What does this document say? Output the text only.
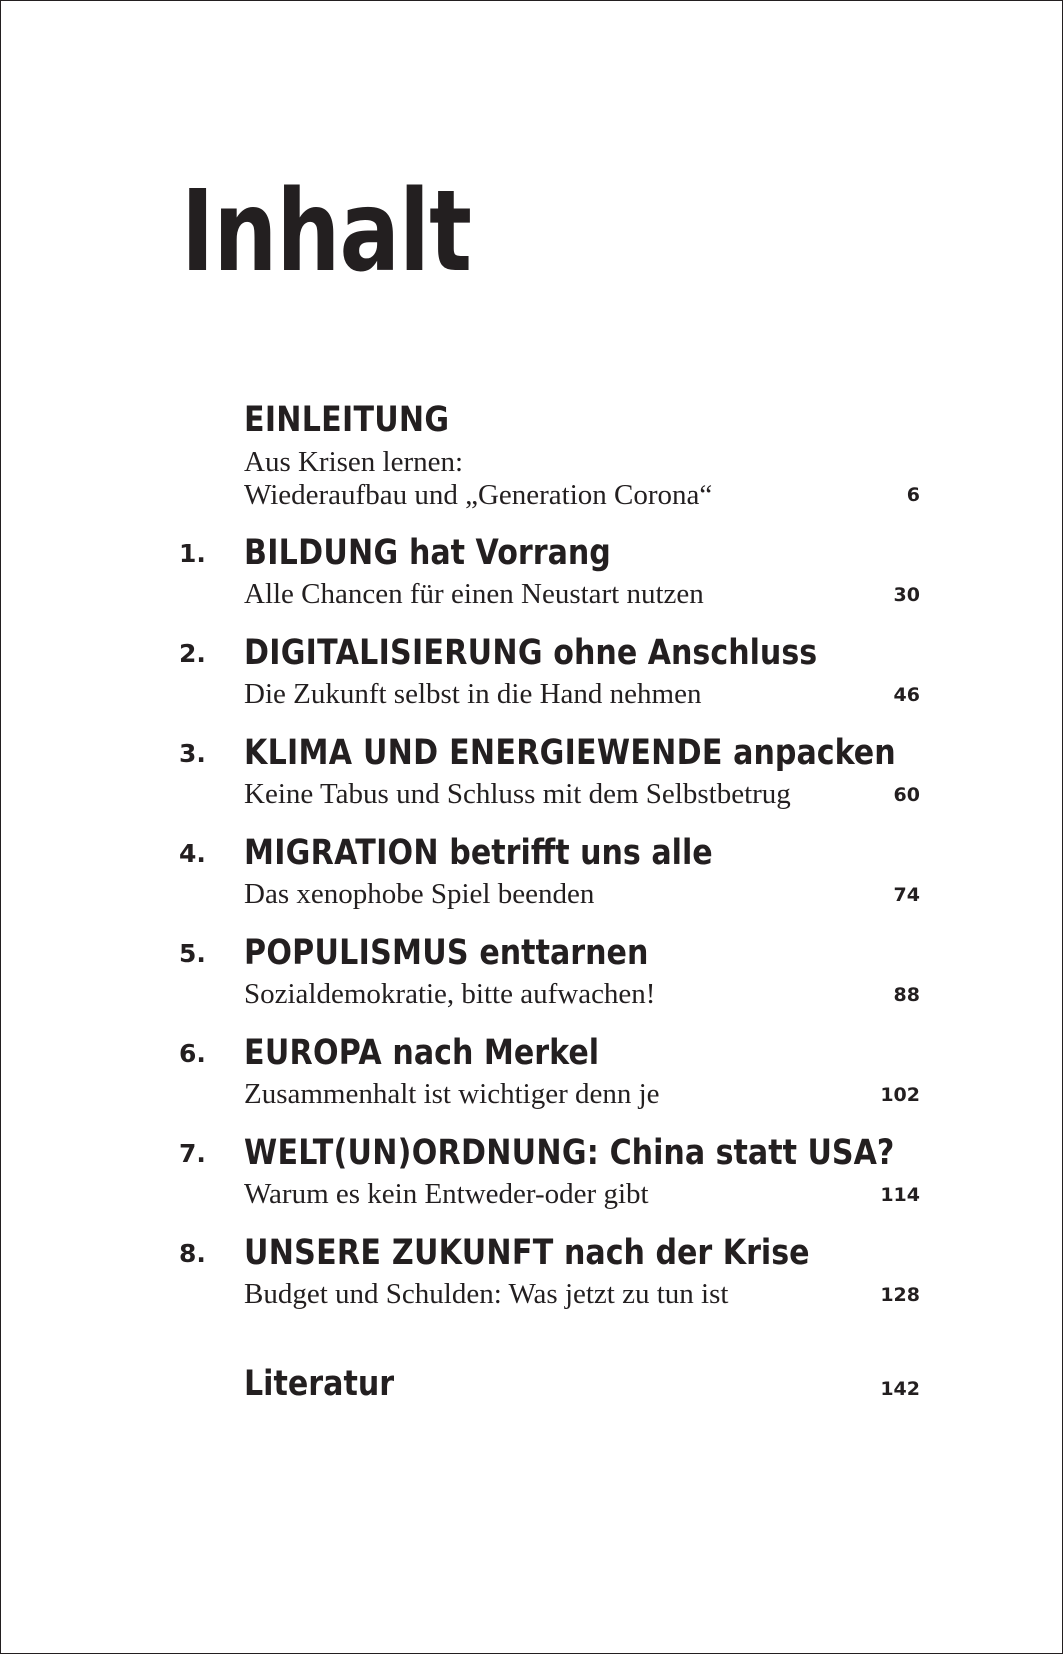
Inhalt
EINLEITUNG
Aus Krisen lernen:
Wiederaufbau und „Generation Corona“	6
1. BILDUNG hat Vorrang
Alle Chancen für einen Neustart nutzen	30
2. DIGITALISIERUNG ohne Anschluss
Die Zukunft selbst in die Hand nehmen	46
3. KLIMA UND ENERGIEWENDE anpacken
Keine Tabus und Schluss mit dem Selbstbetrug	60
4. MIGRATION betrifft uns alle
Das xenophobe Spiel beenden	74
5. POPULISMUS enttarnen
Sozialdemokratie, bitte aufwachen!	88
6. EUROPA nach Merkel
Zusammenhalt ist wichtiger denn je	102
7. WELT(UN)ORDNUNG: China statt USA?
Warum es kein Entweder-oder gibt	114
8. UNSERE ZUKUNFT nach der Krise
Budget und Schulden: Was jetzt zu tun ist	128
Literatur	142
